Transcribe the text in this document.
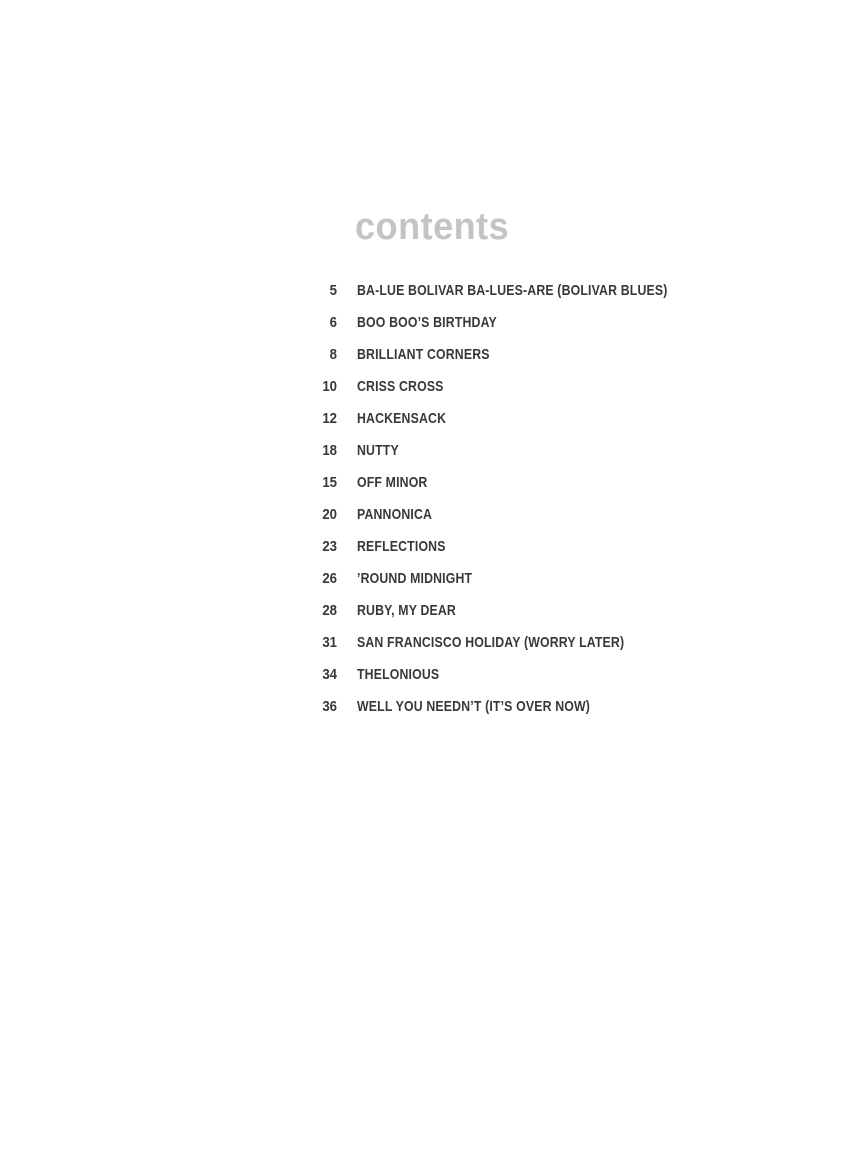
contents
5 BA-LUE BOLIVAR BA-LUES-ARE (BOLIVAR BLUES)
6 BOO BOO’S BIRTHDAY
8 BRILLIANT CORNERS
10 CRISS CROSS
12 HACKENSACK
18 NUTTY
15 OFF MINOR
20 PANNONICA
23 REFLECTIONS
26 ’ROUND MIDNIGHT
28 RUBY, MY DEAR
31 SAN FRANCISCO HOLIDAY (WORRY LATER)
34 THELONIOUS
36 WELL YOU NEEDN’T (IT’S OVER NOW)
